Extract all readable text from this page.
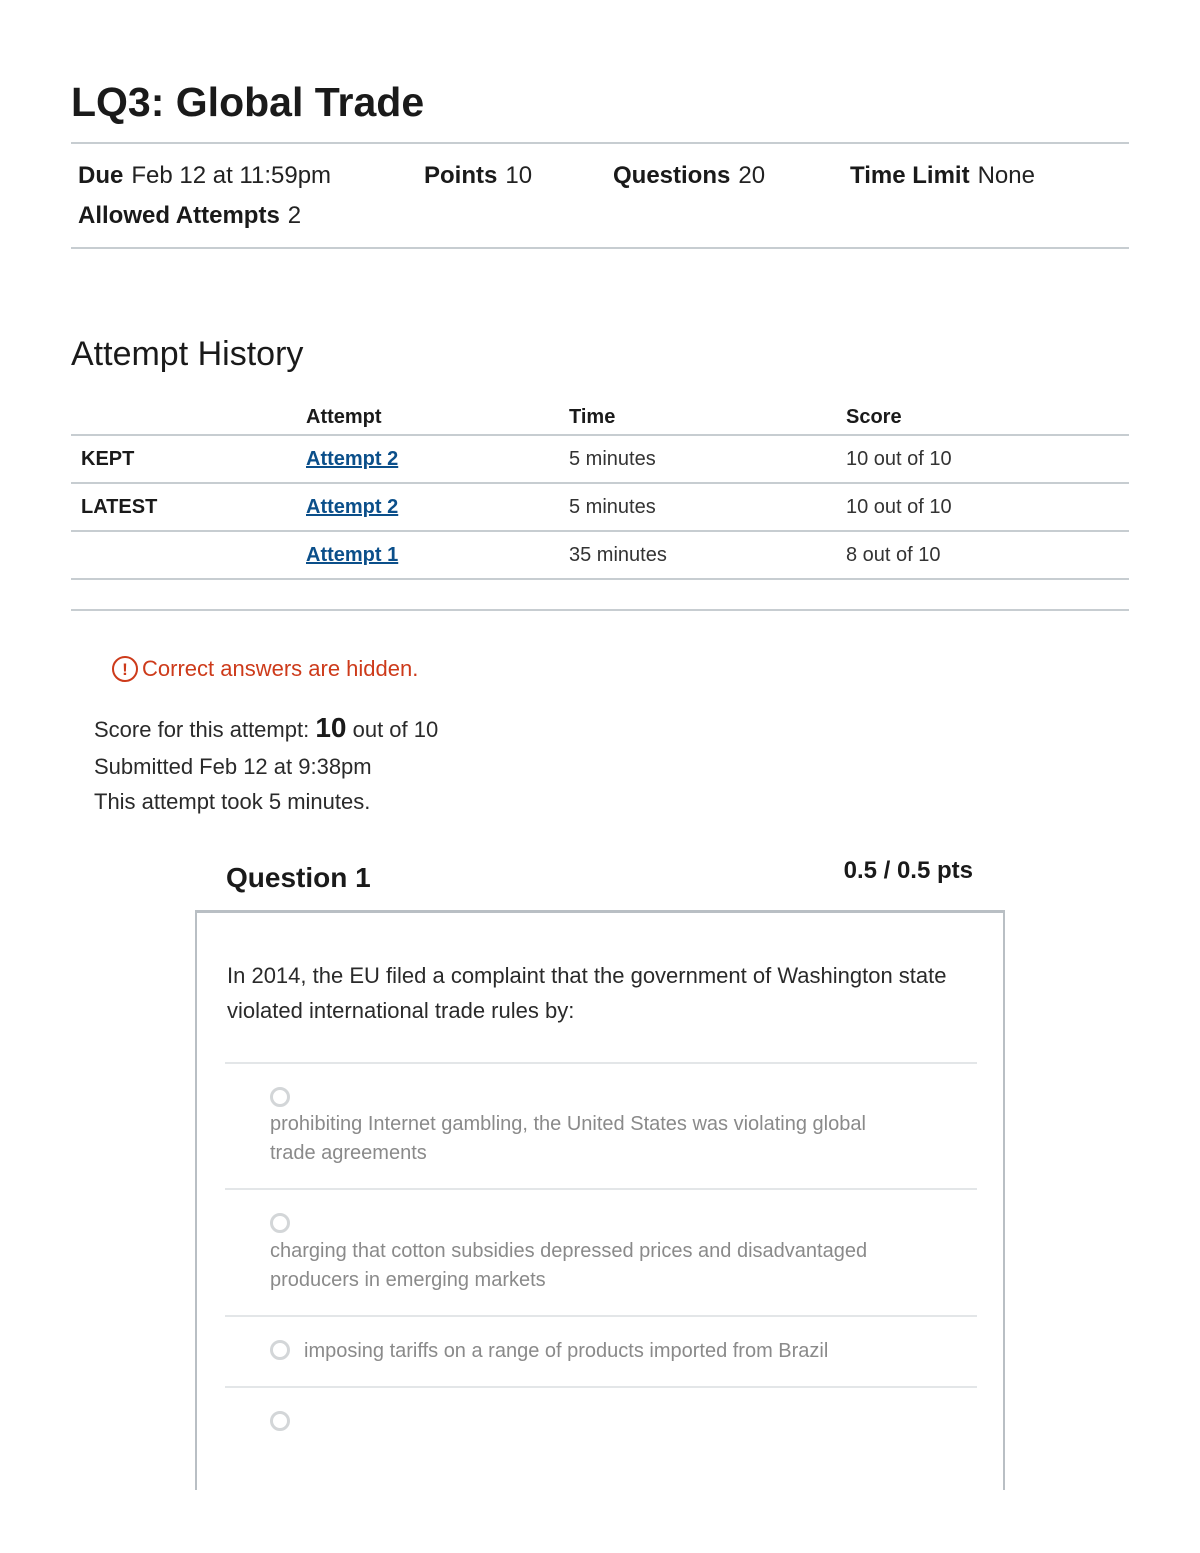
LQ3: Global Trade
Due Feb 12 at 11:59pm	Points 10	Questions 20	Time Limit None
Allowed Attempts 2
Attempt History
	Attempt	Time	Score
KEPT	Attempt 2	5 minutes	10 out of 10
LATEST	Attempt 2	5 minutes	10 out of 10
	Attempt 1	35 minutes	8 out of 10
! Correct answers are hidden.
Score for this attempt: 10 out of 10
Submitted Feb 12 at 9:38pm
This attempt took 5 minutes.
Question 1	0.5 / 0.5 pts

In 2014, the EU filed a complaint that the government of Washington state violated international trade rules by:

prohibiting Internet gambling, the United States was violating global trade agreements

charging that cotton subsidies depressed prices and disadvantaged producers in emerging markets

imposing tariffs on a range of products imported from Brazil
